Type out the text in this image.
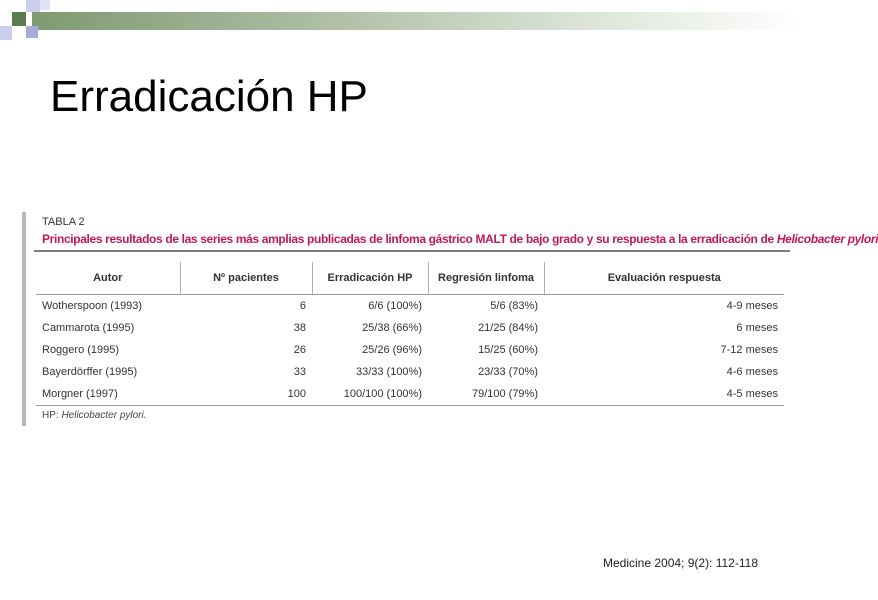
Erradicación HP
TABLA 2
Principales resultados de las series más amplias publicadas de linfoma gástrico MALT de bajo grado y su respuesta a la erradicación de Helicobacter pylori
Autor	Nº pacientes	Erradicación HP	Regresión linfoma	Evaluación respuesta
Wotherspoon (1993)	6	6/6 (100%)	5/6 (83%)	4-9 meses
Cammarota (1995)	38	25/38 (66%)	21/25 (84%)	6 meses
Roggero (1995)	26	25/26 (96%)	15/25 (60%)	7-12 meses
Bayerdörffer (1995)	33	33/33 (100%)	23/33 (70%)	4-6 meses
Morgner (1997)	100	100/100 (100%)	79/100 (79%)	4-5 meses
HP: Helicobacter pylori.
Medicine 2004; 9(2): 112-118
